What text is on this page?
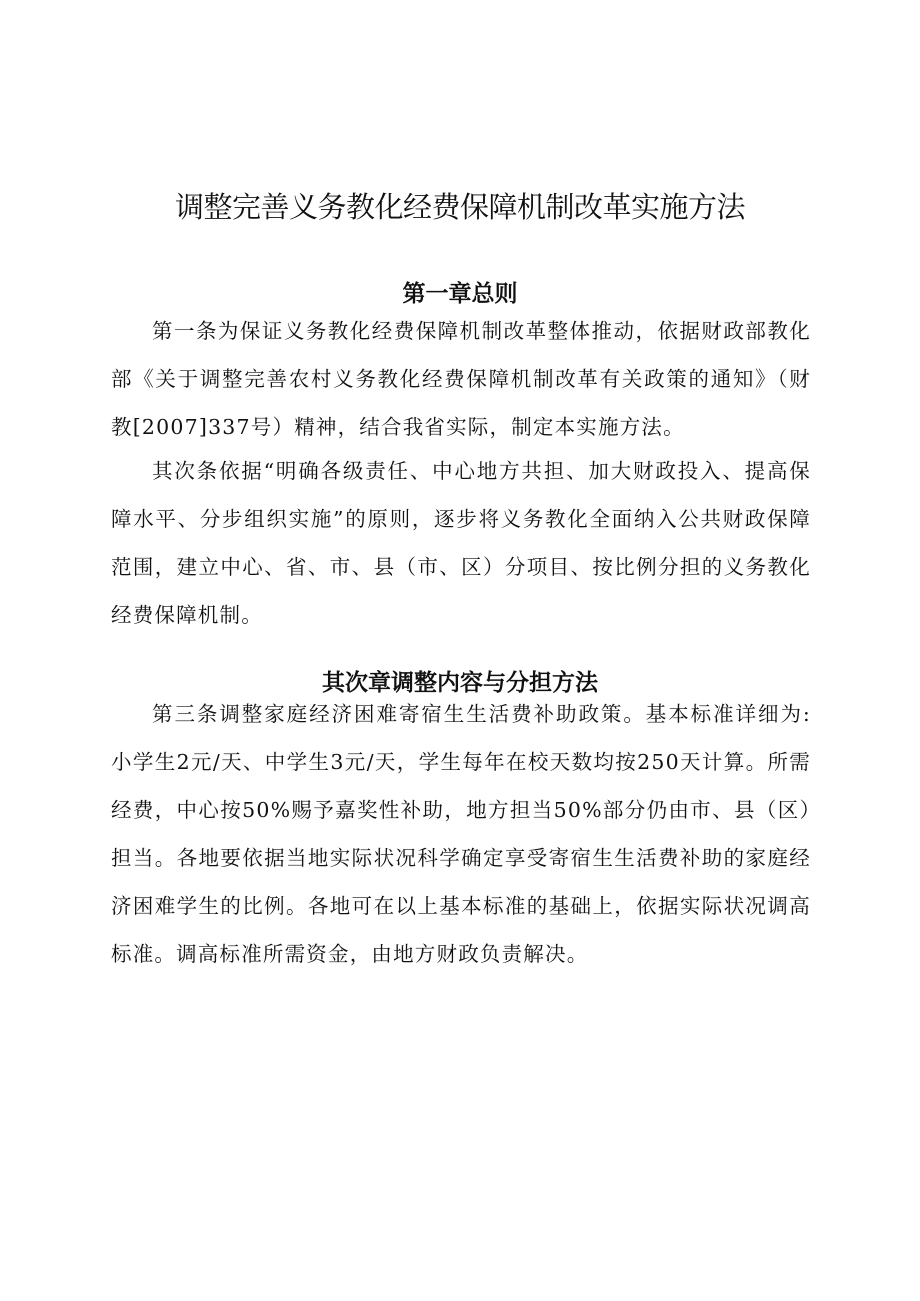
调整完善义务教化经费保障机制改革实施方法
第一章总则

第一条为保证义务教化经费保障机制改革整体推动，依据财政部教化部《关于调整完善农村义务教化经费保障机制改革有关政策的通知》（财教[2007]337号）精神，结合我省实际，制定本实施方法。

其次条依据“明确各级责任、中心地方共担、加大财政投入、提高保障水平、分步组织实施”的原则，逐步将义务教化全面纳入公共财政保障范围，建立中心、省、市、县（市、区）分项目、按比例分担的义务教化经费保障机制。

其次章调整内容与分担方法

第三条调整家庭经济困难寄宿生生活费补助政策。基本标准详细为:小学生2元/天、中学生3元/天，学生每年在校天数均按250天计算。所需经费，中心按50%赐予嘉奖性补助，地方担当50%部分仍由市、县（区）担当。各地要依据当地实际状况科学确定享受寄宿生生活费补助的家庭经济困难学生的比例。各地可在以上基本标准的基础上，依据实际状况调高标准。调高标准所需资金，由地方财政负责解决。
